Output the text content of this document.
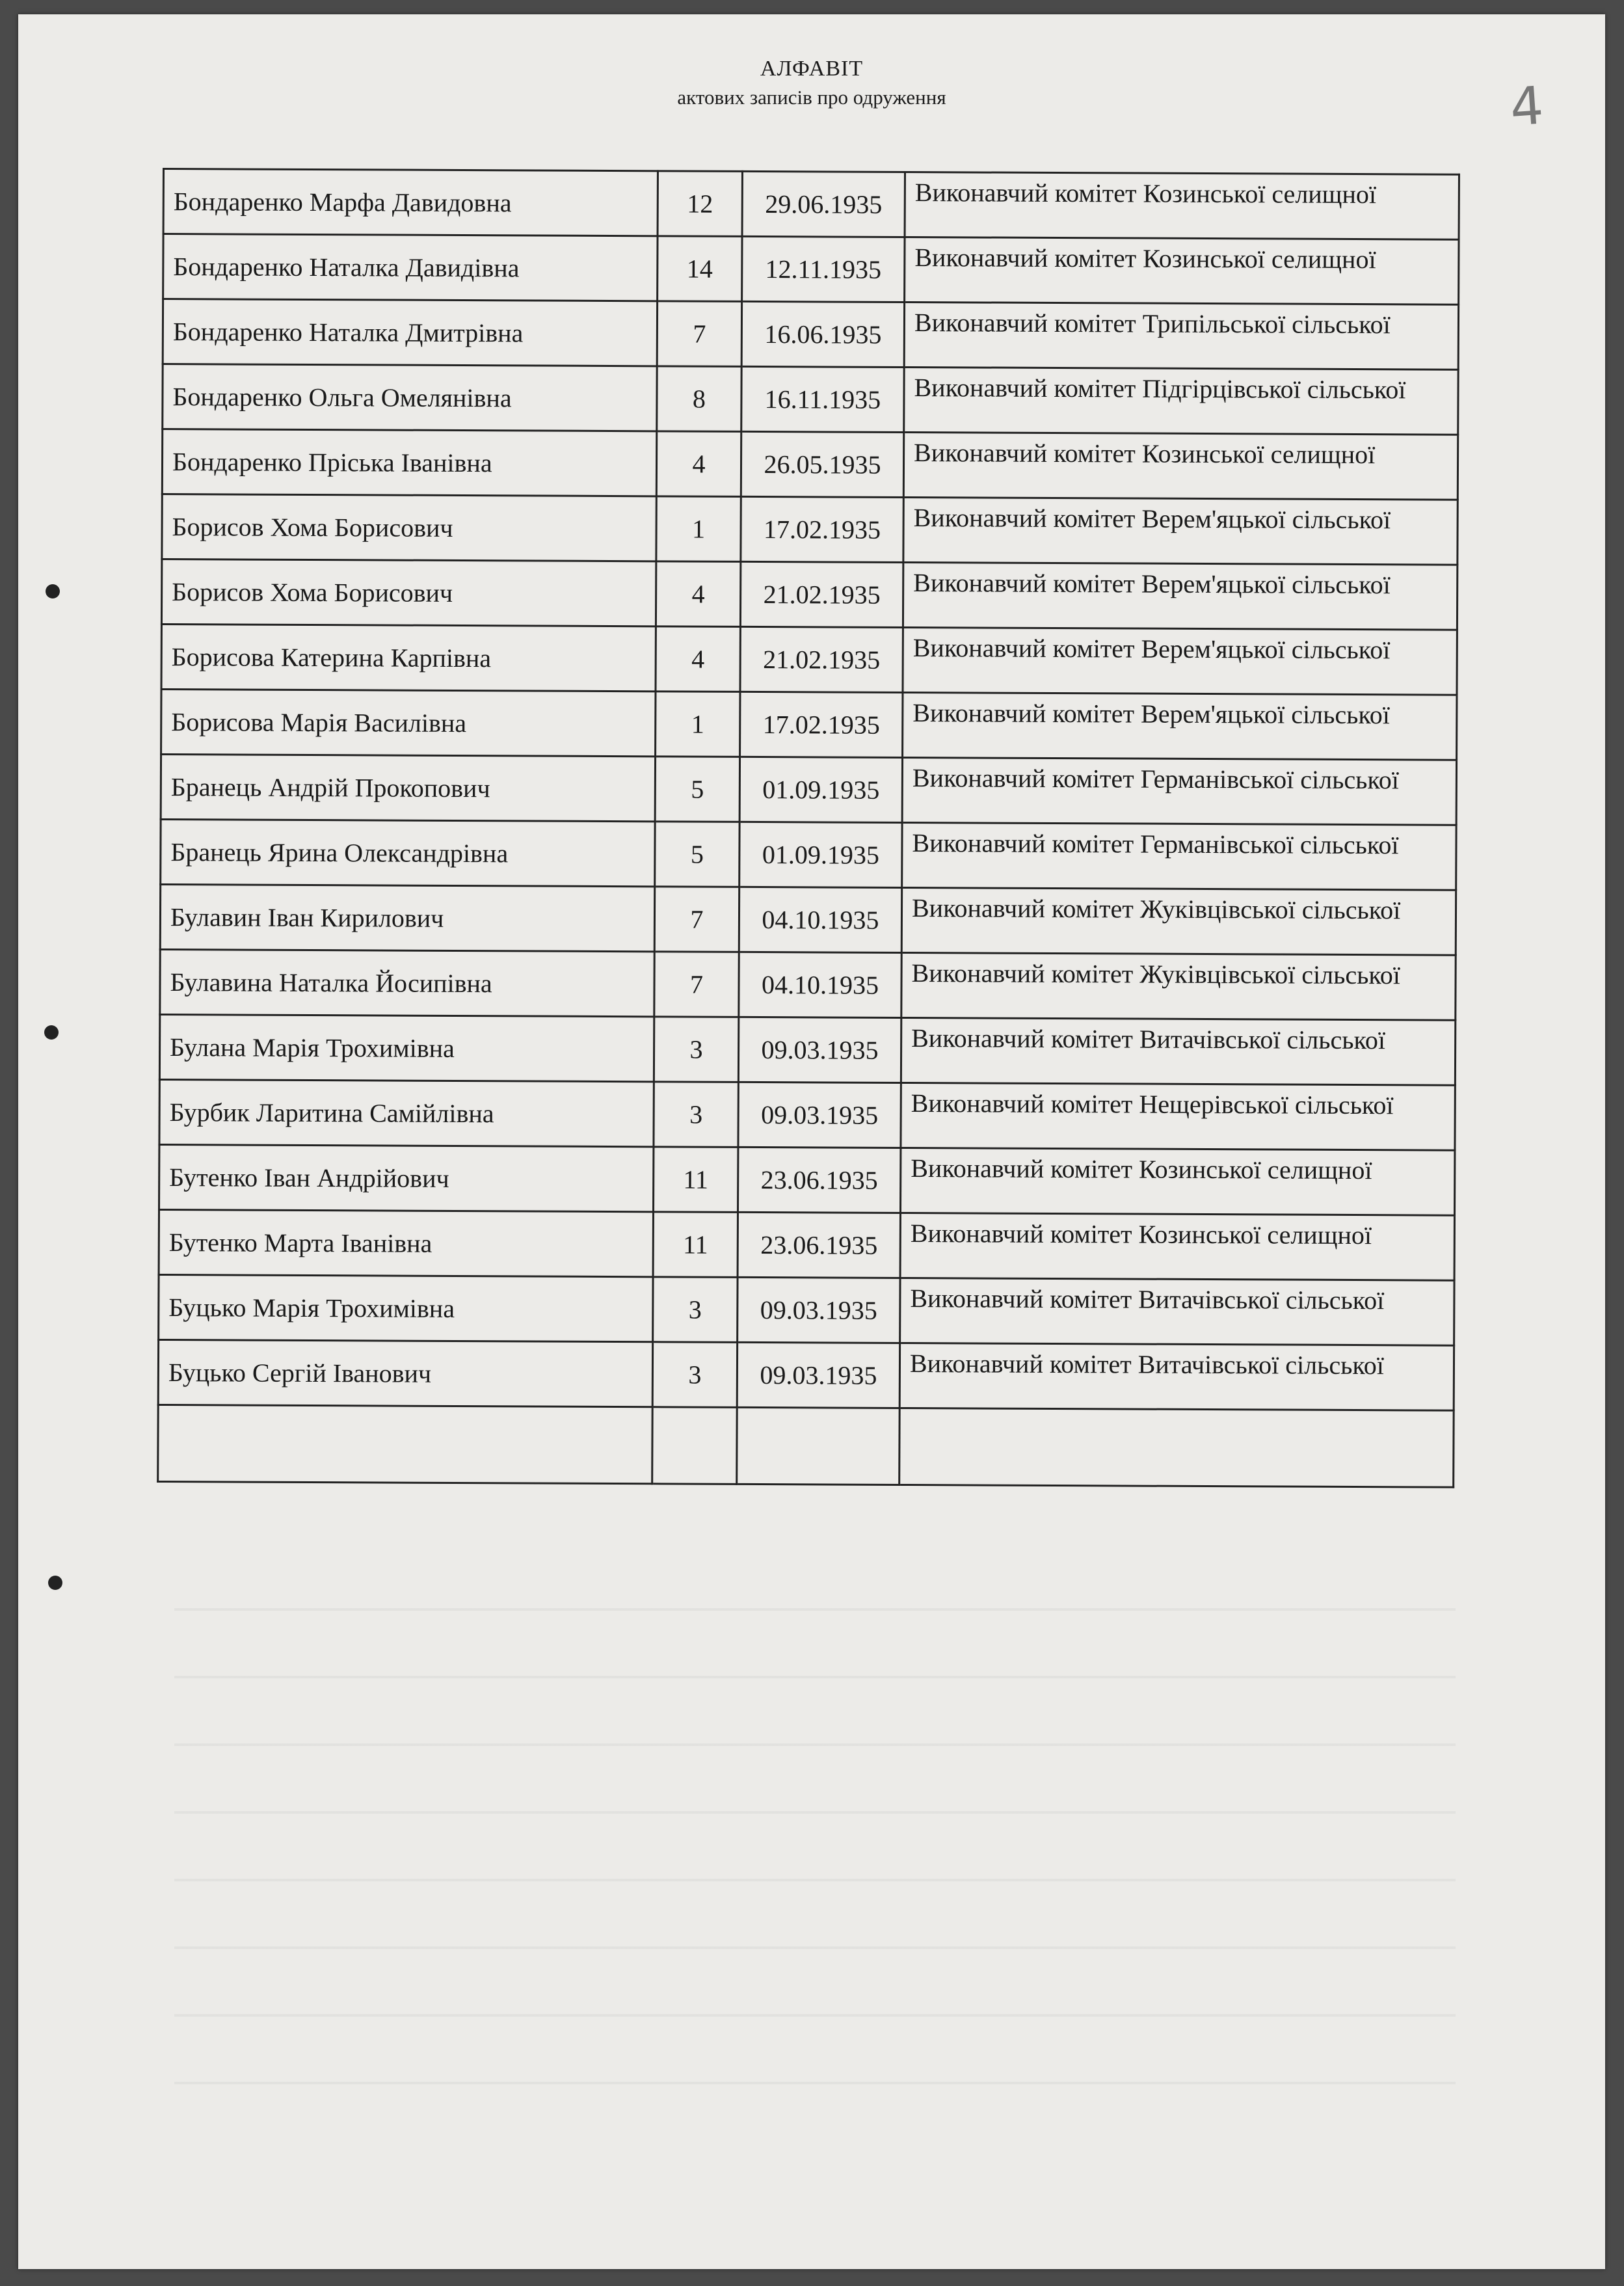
АЛФАВІТ
актових записів про одруження	4
Бондаренко Марфа Давидовна	12	29.06.1935	Виконавчий комітет Козинської селищної
Бондаренко Наталка Давидівна	14	12.11.1935	Виконавчий комітет Козинської селищної
Бондаренко Наталка Дмитрівна	7	16.06.1935	Виконавчий комітет Трипільської сільської
Бондаренко Ольга Омелянівна	8	16.11.1935	Виконавчий комітет Підгірцівської сільської
Бондаренко Пріська Іванівна	4	26.05.1935	Виконавчий комітет Козинської селищної
Борисов Хома Борисович	1	17.02.1935	Виконавчий комітет Верем'яцької сільської
Борисов Хома Борисович	4	21.02.1935	Виконавчий комітет Верем'яцької сільської
Борисова Катерина Карпівна	4	21.02.1935	Виконавчий комітет Верем'яцької сільської
Борисова Марія Василівна	1	17.02.1935	Виконавчий комітет Верем'яцької сільської
Бранець Андрій Прокопович	5	01.09.1935	Виконавчий комітет Германівської сільської
Бранець Ярина Олександрівна	5	01.09.1935	Виконавчий комітет Германівської сільської
Булавин Іван Кирилович	7	04.10.1935	Виконавчий комітет Жуківцівської сільської
Булавина Наталка Йосипівна	7	04.10.1935	Виконавчий комітет Жуківцівської сільської
Булана Марія Трохимівна	3	09.03.1935	Виконавчий комітет Витачівської сільської
Бурбик Ларитина Самійлівна	3	09.03.1935	Виконавчий комітет Нещерівської сільської
Бутенко Іван Андрійович	11	23.06.1935	Виконавчий комітет Козинської селищної
Бутенко Марта Іванівна	11	23.06.1935	Виконавчий комітет Козинської селищної
Буцько Марія Трохимівна	3	09.03.1935	Виконавчий комітет Витачівської сільської
Буцько Сергій Іванович	3	09.03.1935	Виконавчий комітет Витачівської сільської
